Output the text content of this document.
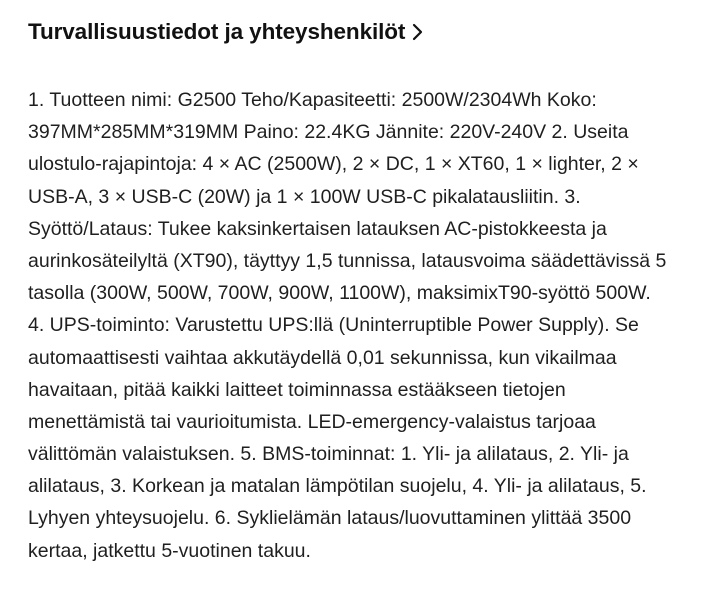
Turvallisuustiedot ja yhteyshenkilöt
1. Tuotteen nimi: G2500 Teho/Kapasiteetti: 2500W/2304Wh Koko:
397MM*285MM*319MM Paino: 22.4KG Jännite: 220V-240V 2. Useita
ulostulo-rajapintoja: 4 × AC (2500W), 2 × DC, 1 × XT60, 1 × lighter, 2 ×
USB-A, 3 × USB-C (20W) ja 1 × 100W USB-C pikalatausliitin. 3.
Syöttö/Lataus: Tukee kaksinkertaisen latauksen AC-pistokkeesta ja
aurinkosäteilyltä (XT90), täyttyy 1,5 tunnissa, latausvoima säädettävissä 5
tasolla (300W, 500W, 700W, 900W, 1100W), maksimixT90-syöttö 500W.
4. UPS-toiminto: Varustettu UPS:llä (Uninterruptible Power Supply). Se
automaattisesti vaihtaa akkutäydellä 0,01 sekunnissa, kun vikailmaa
havaitaan, pitää kaikki laitteet toiminnassa estääkseen tietojen
menettämistä tai vaurioitumista. LED-emergency-valaistus tarjoaa
välittömän valaistuksen. 5. BMS-toiminnat: 1. Yli- ja alilataus, 2. Yli- ja
alilataus, 3. Korkean ja matalan lämpötilan suojelu, 4. Yli- ja alilataus, 5.
Lyhyen yhteysuojelu. 6. Syklielämän lataus/luovuttaminen ylittää 3500
kertaa, jatkettu 5-vuotinen takuu.
